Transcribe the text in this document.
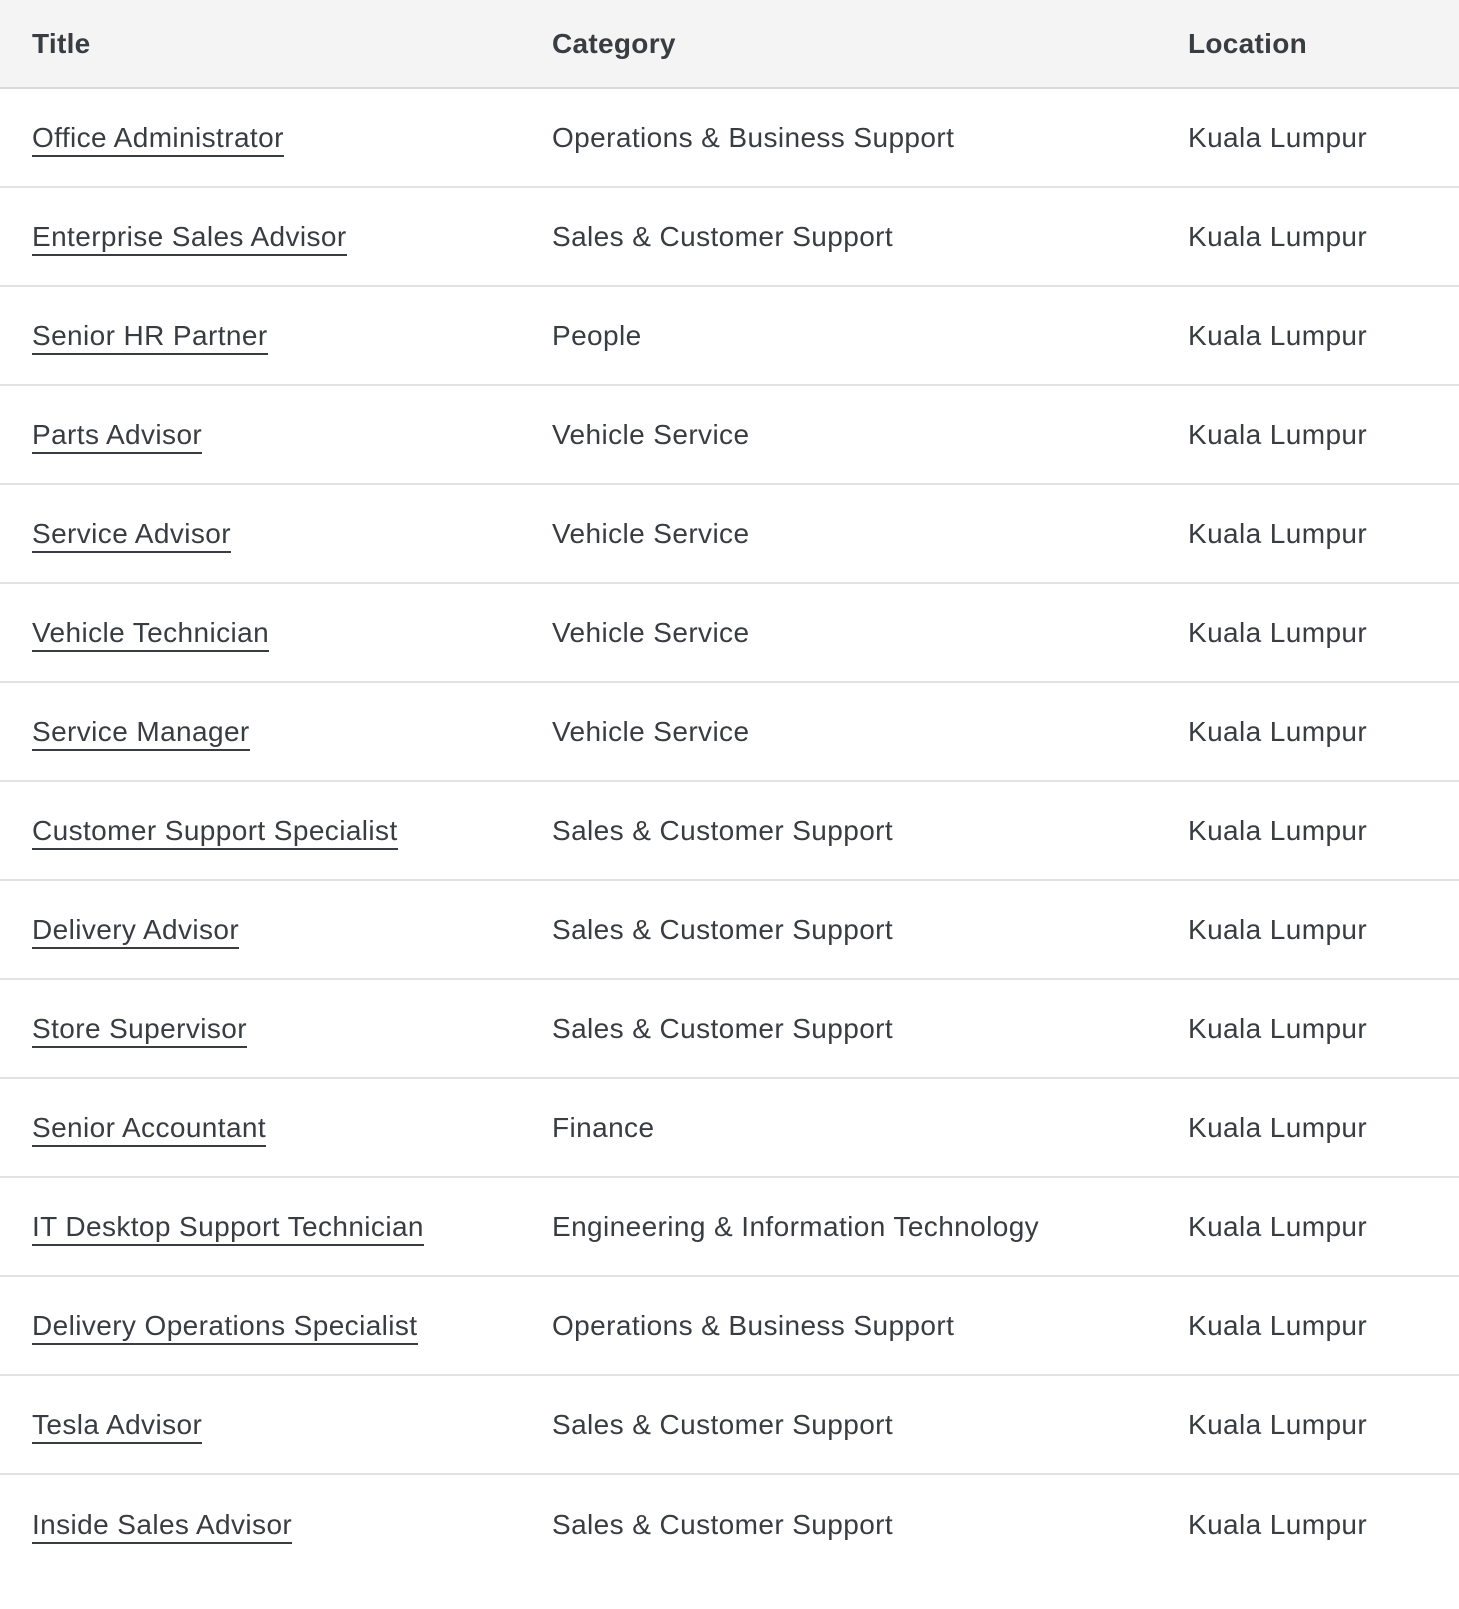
Title	Category	Location
Office Administrator	Operations & Business Support	Kuala Lumpur
Enterprise Sales Advisor	Sales & Customer Support	Kuala Lumpur
Senior HR Partner	People	Kuala Lumpur
Parts Advisor	Vehicle Service	Kuala Lumpur
Service Advisor	Vehicle Service	Kuala Lumpur
Vehicle Technician	Vehicle Service	Kuala Lumpur
Service Manager	Vehicle Service	Kuala Lumpur
Customer Support Specialist	Sales & Customer Support	Kuala Lumpur
Delivery Advisor	Sales & Customer Support	Kuala Lumpur
Store Supervisor	Sales & Customer Support	Kuala Lumpur
Senior Accountant	Finance	Kuala Lumpur
IT Desktop Support Technician	Engineering & Information Technology	Kuala Lumpur
Delivery Operations Specialist	Operations & Business Support	Kuala Lumpur
Tesla Advisor	Sales & Customer Support	Kuala Lumpur
Inside Sales Advisor	Sales & Customer Support	Kuala Lumpur
